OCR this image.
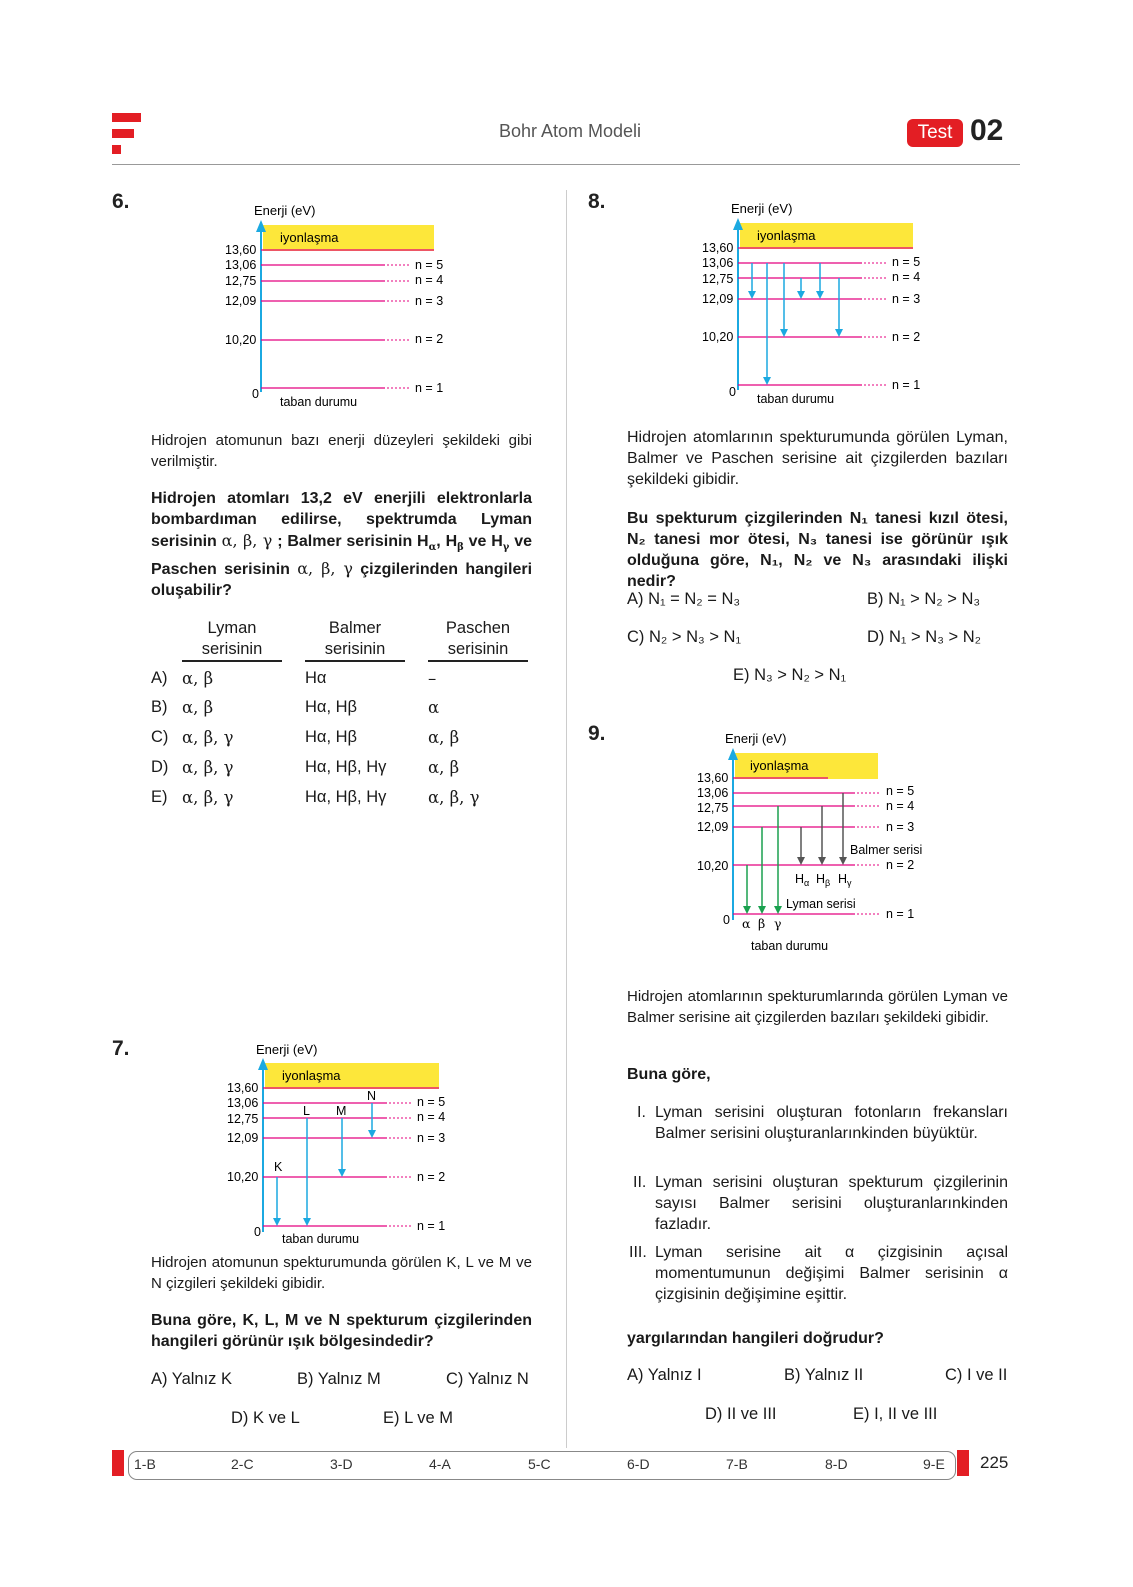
Bohr Atom Modeli	Test 02
6.	Enerji (eV)
iyonlaşma
13,60
13,06
12,75
12,09
10,20
0
n = 5
n = 4
n = 3
n = 2
n = 1
taban durumu
Hidrojen atomunun bazı enerji düzeyleri şekildeki gibi verilmiştir.
Hidrojen atomları 13,2 eV enerjili elektronlarla bombardıman edilirse, spektrumda Lyman serisinin α, β, γ ; Balmer serisinin $H_\alpha$, $H_\beta$ ve $H_\gamma$ ve Paschen serisinin α, β, γ çizgilerinden hangileri oluşabilir?
Lyman
serisinin
Balmer
serisinin
Paschen
serisinin
A) α, β	Hα	–
B) α, β	Hα, Hβ	α
C) α, β, γ	Hα, Hβ	α, β
D) α, β, γ	Hα, Hβ, Hγ	α, β
E) α, β, γ	Hα, Hβ, Hγ	α, β, γ
7.	Enerji (eV)
iyonlaşma
K
L M
N
13,60
13,06
12,75
12,09
10,20
0
n = 5
n = 4
n = 3
n = 2
n = 1
taban durumu
Hidrojen atomunun spekturumunda görülen K, L ve M ve N çizgileri şekildeki gibidir.
Buna göre, K, L, M ve N spekturum çizgilerinden hangileri görünür ışık bölgesindedir?
A) Yalnız K	B) Yalnız M	C) Yalnız N
D) K ve L	E) L ve M
8.	Enerji (eV)
iyonlaşma
13,60
13,06
12,75
12,09
10,20
0
n = 5
n = 4
n = 3
n = 2
n = 1
taban durumu
Hidrojen atomlarının spekturumunda görülen Lyman, Balmer ve Paschen serisine ait çizgilerden bazıları şekildeki gibidir.
Bu spekturum çizgilerinden N₁ tanesi kızıl ötesi, N₂ tanesi mor ötesi, N₃ tanesi ise görünür ışık olduğuna göre, N₁, N₂ ve N₃ arasındaki ilişki nedir?
A) N₁ = N₂ = N₃	B) N₁ > N₂ > N₃
C) N₂ > N₃ > N₁	D) N₁ > N₃ > N₂
E) N₃ > N₂ > N₁
9.	Enerji (eV)
iyonlaşma
$H_\alpha$ $H_\beta$ $H_\gamma$
Balmer serisi
Lyman serisi
α β γ
13,60
13,06
12,75
12,09
10,20
0
n = 5
n = 4
n = 3
n = 2
n = 1
taban durumu
Hidrojen atomlarının spekturumlarında görülen Lyman ve Balmer serisine ait çizgilerden bazıları şekildeki gibidir.
Buna göre,
I. Lyman serisini oluşturan fotonların frekansları Balmer serisini oluşturanlarınkinden büyüktür.
II. Lyman serisini oluşturan spekturum çizgilerinin sayısı Balmer serisini oluşturanlarınkinden fazladır.
III. Lyman serisine ait α çizgisinin açısal momentumunun değişimi Balmer serisinin α çizgisinin değişimine eşittir.
yargılarından hangileri doğrudur?
A) Yalnız I	B) Yalnız II	C) I ve II
D) II ve III	E) I, II ve III
1-B	2-C	3-D	4-A	5-C	6-D	7-B	8-D	9-E 225
